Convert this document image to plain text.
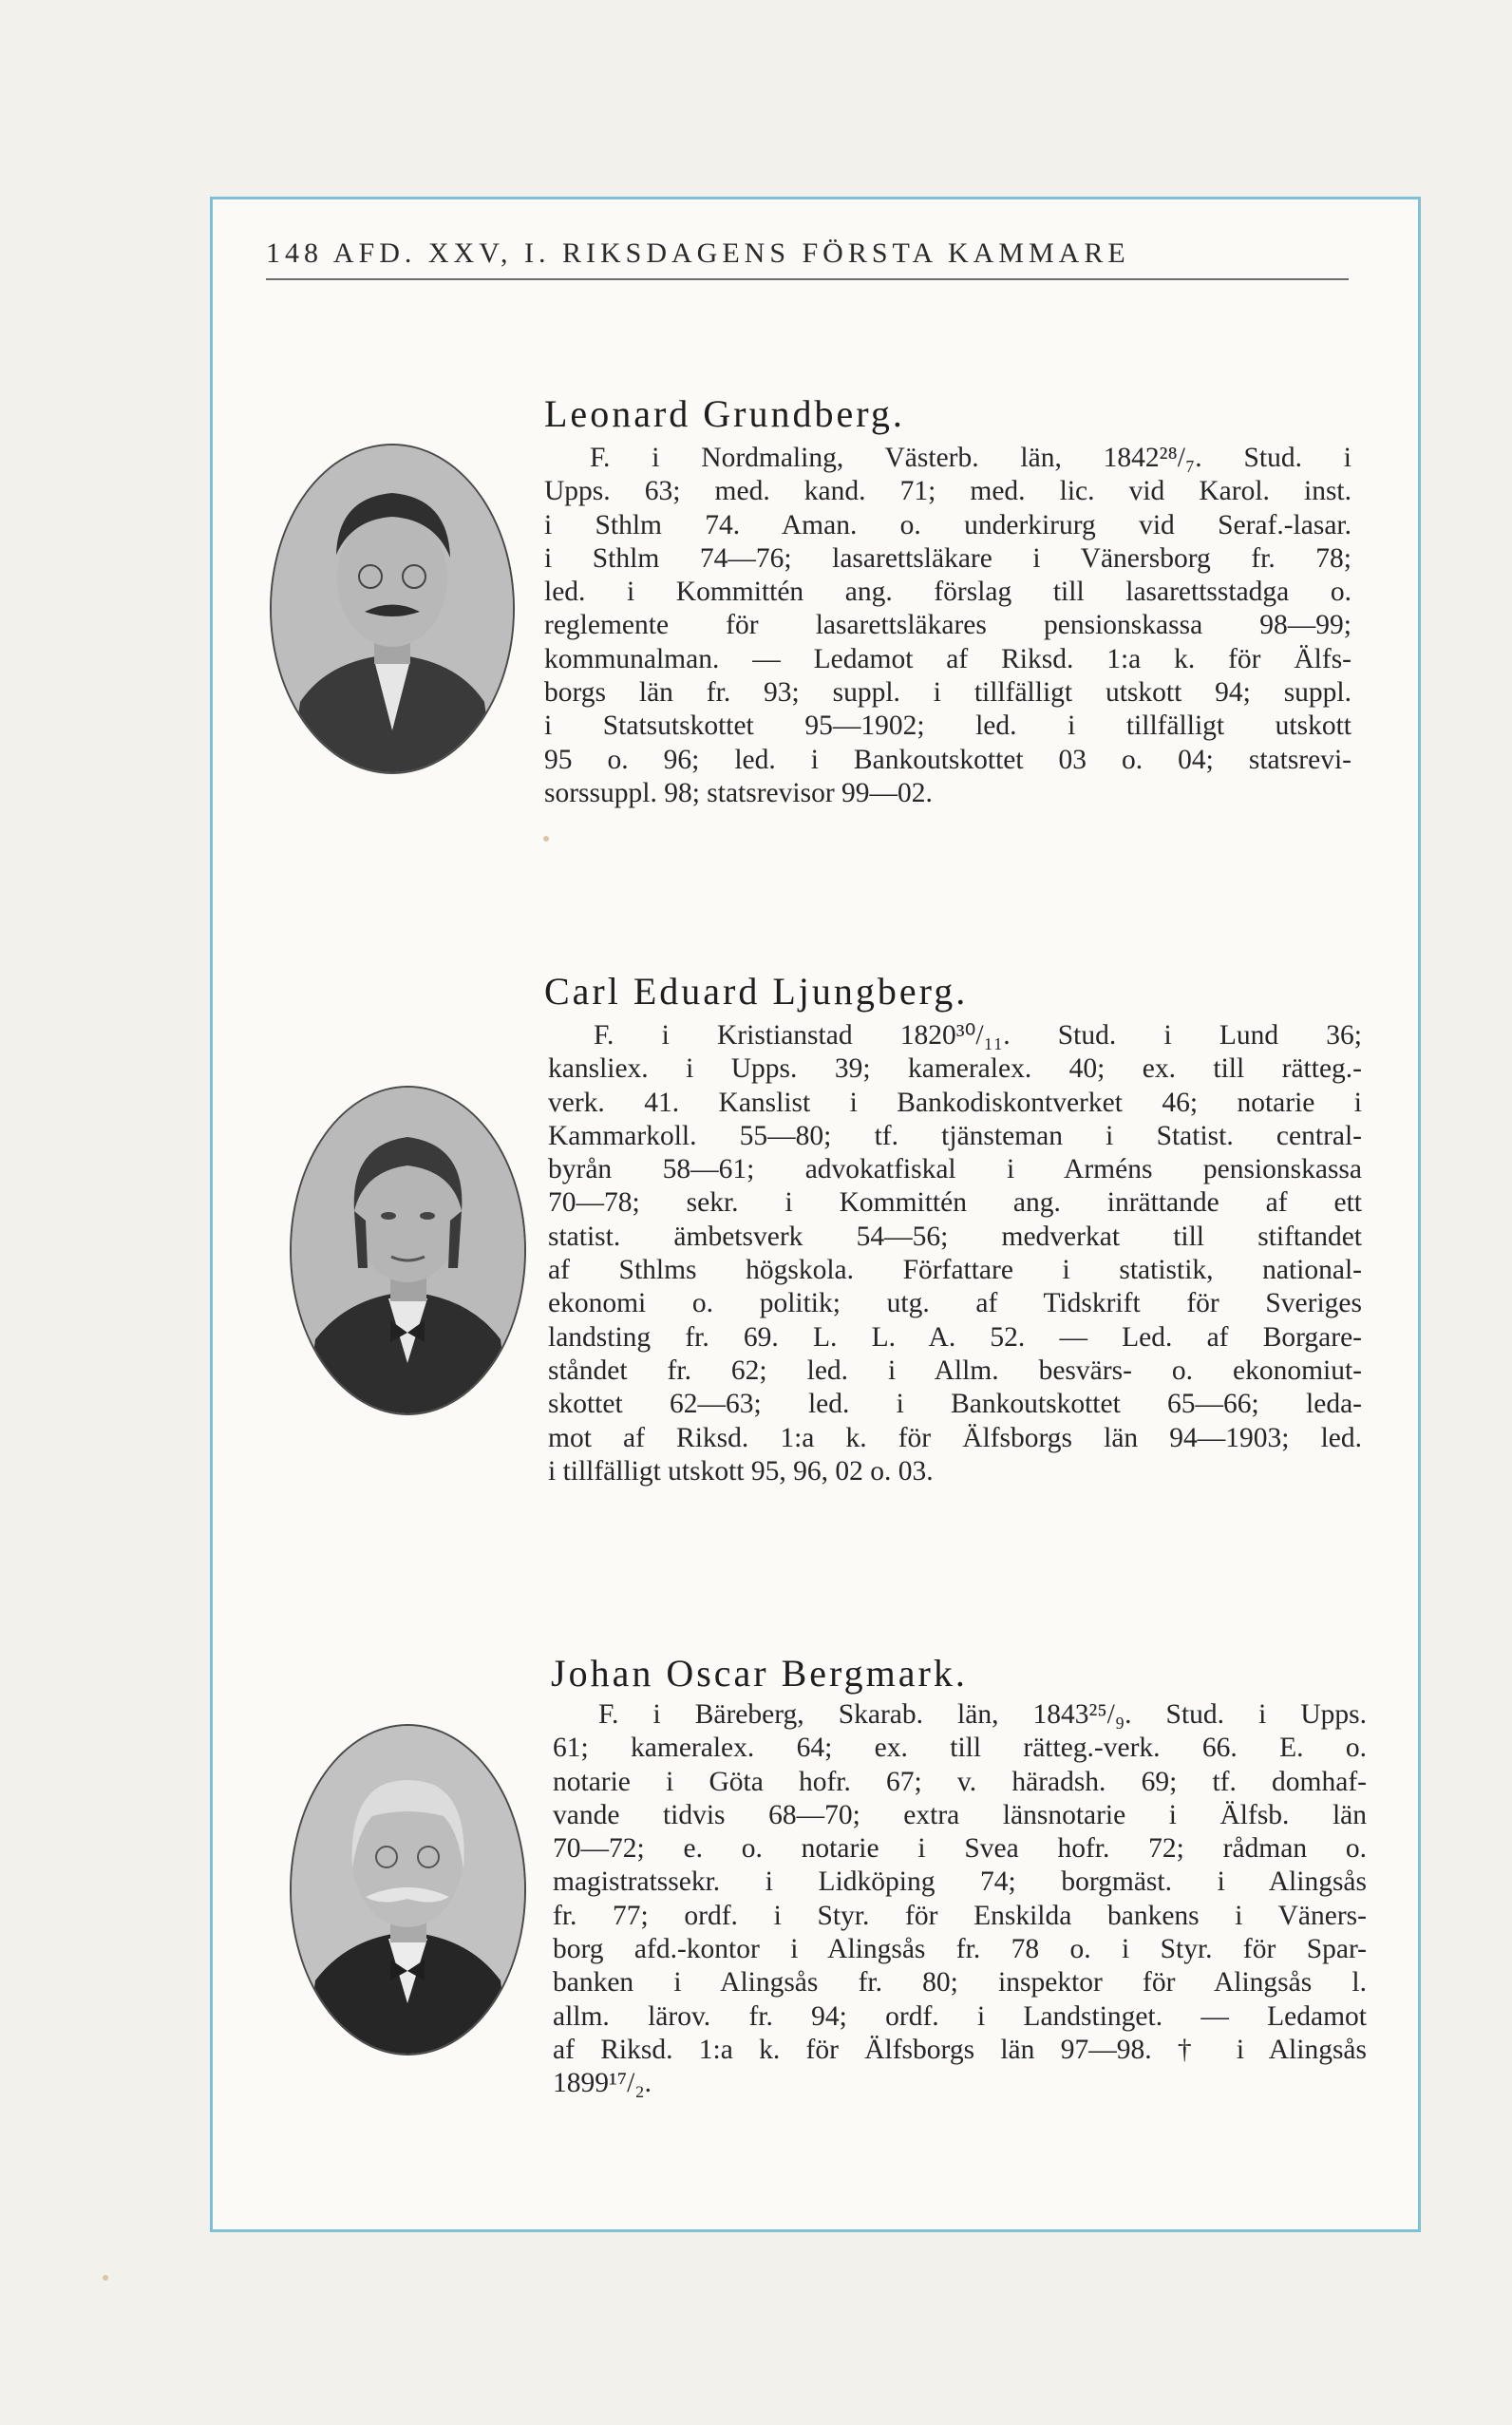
148 AFD. XXV, I. RIKSDAGENS FÖRSTA KAMMARE
Leonard Grundberg.
F. i Nordmaling, Västerb. län, 1842²⁸/₇. Stud. i
Upps. 63; med. kand. 71; med. lic. vid Karol. inst.
i Sthlm 74. Aman. o. underkirurg vid Seraf.-lasar.
i Sthlm 74—76; lasarettsläkare i Vänersborg fr. 78;
led. i Kommittén ang. förslag till lasarettsstadga o.
reglemente för lasarettsläkares pensionskassa 98—99;
kommunalman. — Ledamot af Riksd. 1:a k. för Älfs-
borgs län fr. 93; suppl. i tillfälligt utskott 94; suppl.
i Statsutskottet 95—1902; led. i tillfälligt utskott
95 o. 96; led. i Bankoutskottet 03 o. 04; statsrevi-
sorssuppl. 98; statsrevisor 99—02.
Carl Eduard Ljungberg.
F. i Kristianstad 1820³⁰/₁₁. Stud. i Lund 36;
kansliex. i Upps. 39; kameralex. 40; ex. till rätteg.-
verk. 41. Kanslist i Bankodiskontverket 46; notarie i
Kammarkoll. 55—80; tf. tjänsteman i Statist. central-
byrån 58—61; advokatfiskal i Arméns pensionskassa
70—78; sekr. i Kommittén ang. inrättande af ett
statist. ämbetsverk 54—56; medverkat till stiftandet
af Sthlms högskola. Författare i statistik, national-
ekonomi o. politik; utg. af Tidskrift för Sveriges
landsting fr. 69. L. L. A. 52. — Led. af Borgare-
ståndet fr. 62; led. i Allm. besvärs- o. ekonomiut-
skottet 62—63; led. i Bankoutskottet 65—66; leda-
mot af Riksd. 1:a k. för Älfsborgs län 94—1903; led.
i tillfälligt utskott 95, 96, 02 o. 03.
Johan Oscar Bergmark.
F. i Bäreberg, Skarab. län, 1843²⁵/₉. Stud. i Upps.
61; kameralex. 64; ex. till rätteg.-verk. 66. E. o.
notarie i Göta hofr. 67; v. häradsh. 69; tf. domhaf-
vande tidvis 68—70; extra länsnotarie i Älfsb. län
70—72; e. o. notarie i Svea hofr. 72; rådman o.
magistratssekr. i Lidköping 74; borgmäst. i Alingsås
fr. 77; ordf. i Styr. för Enskilda bankens i Väners-
borg afd.-kontor i Alingsås fr. 78 o. i Styr. för Spar-
banken i Alingsås fr. 80; inspektor för Alingsås l.
allm. lärov. fr. 94; ordf. i Landstinget. — Ledamot
af Riksd. 1:a k. för Älfsborgs län 97—98. † i Alingsås
1899¹⁷/₂.
